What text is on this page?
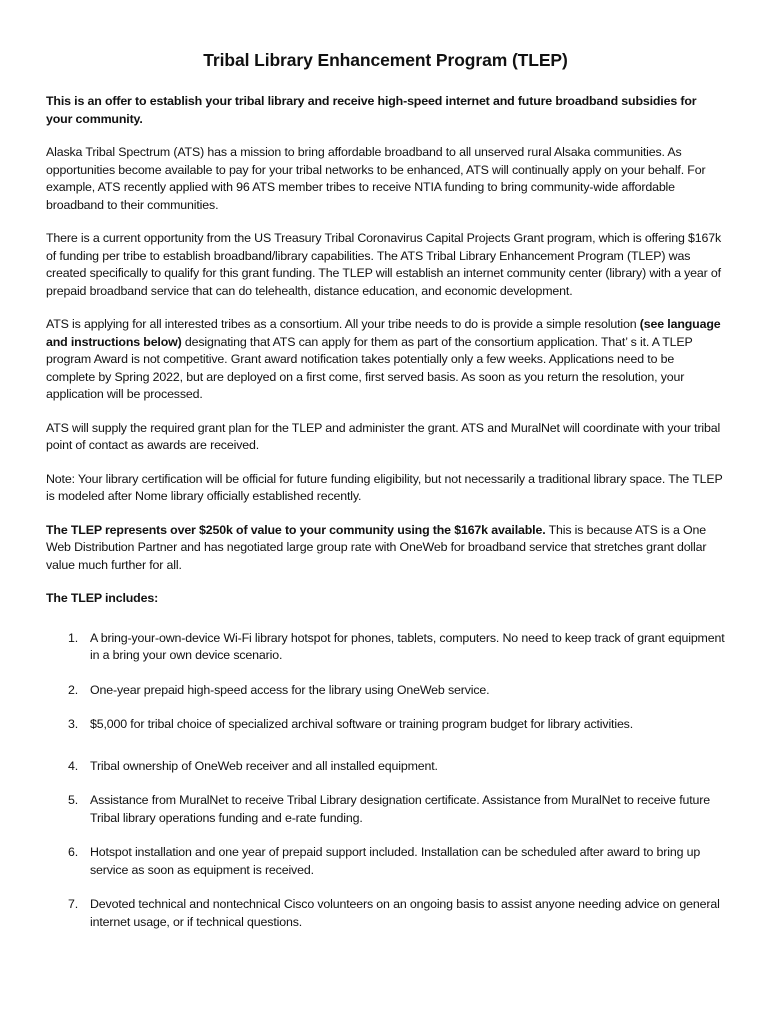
Tribal Library Enhancement Program (TLEP)

This is an offer to establish your tribal library and receive high-speed internet and future broadband subsidies for your community.

Alaska Tribal Spectrum (ATS) has a mission to bring affordable broadband to all unserved rural Alsaka communities. As opportunities become available to pay for your tribal networks to be enhanced, ATS will continually apply on your behalf. For example, ATS recently applied with 96 ATS member tribes to receive NTIA funding to bring community-wide affordable broadband to their communities.

There is a current opportunity from the US Treasury Tribal Coronavirus Capital Projects Grant program, which is offering $167k of funding per tribe to establish broadband/library capabilities. The ATS Tribal Library Enhancement Program (TLEP) was created specifically to qualify for this grant funding. The TLEP will establish an internet community center (library) with a year of prepaid broadband service that can do telehealth, distance education, and economic development.

ATS is applying for all interested tribes as a consortium. All your tribe needs to do is provide a simple resolution (see language and instructions below) designating that ATS can apply for them as part of the consortium application. That’ s it. A TLEP program Award is not competitive. Grant award notification takes potentially only a few weeks. Applications need to be complete by Spring 2022, but are deployed on a first come, first served basis. As soon as you return the resolution, your application will be processed.

ATS will supply the required grant plan for the TLEP and administer the grant. ATS and MuralNet will coordinate with your tribal point of contact as awards are received.

Note: Your library certification will be official for future funding eligibility, but not necessarily a traditional library space. The TLEP is modeled after Nome library officially established recently.

The TLEP represents over $250k of value to your community using the $167k available. This is because ATS is a One Web Distribution Partner and has negotiated large group rate with OneWeb for broadband service that stretches grant dollar value much further for all.

The TLEP includes:

1. A bring-your-own-device Wi-Fi library hotspot for phones, tablets, computers. No need to keep track of grant equipment in a bring your own device scenario.
2. One-year prepaid high-speed access for the library using OneWeb service.
3. $5,000 for tribal choice of specialized archival software or training program budget for library activities.
4. Tribal ownership of OneWeb receiver and all installed equipment.
5. Assistance from MuralNet to receive Tribal Library designation certificate. Assistance from MuralNet to receive future Tribal library operations funding and e-rate funding.
6. Hotspot installation and one year of prepaid support included. Installation can be scheduled after award to bring up service as soon as equipment is received.
7. Devoted technical and nontechnical Cisco volunteers on an ongoing basis to assist anyone needing advice on general internet usage, or if technical questions.
